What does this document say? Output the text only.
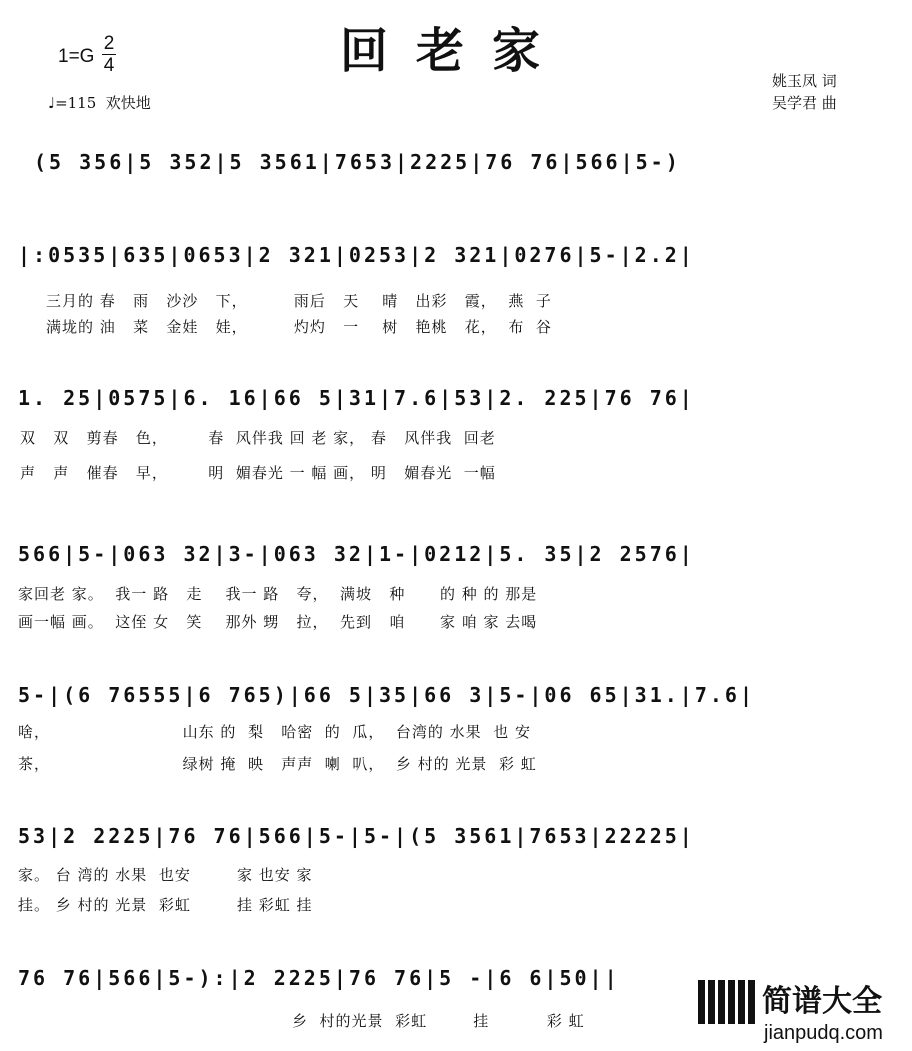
回老家
1=G
2
4
♩=115  欢快地
姚玉凤 词
吴学君 曲
(5 356|5 352|5 3561|7653|2225|76 76|566|5-)
|:0535|635|0653|2 321|0253|2 321|0276|5-|2.2|
三月的 春   雨   沙沙   下，        雨后   天    晴   出彩   霞，  燕  子
满垅的 油   菜   金娃   娃，        灼灼   一    树   艳桃   花，  布  谷
1. 25|0575|6. 16|66 5|31|7.6|53|2. 225|76 76|
双   双   剪春   色，       春  风伴我 回 老 家， 春   风伴我  回老
声   声   催春   早，       明  媚春光 一 幅 画， 明   媚春光  一幅
566|5-|063 32|3-|063 32|1-|0212|5. 35|2 2576|
家回老 家。  我一 路   走    我一 路   夸，  满坡   种      的 种 的 那是
画一幅 画。  这侄 女   笑    那外 甥   拉，  先到   咱      家 咱 家 去喝
5-|(6 76555|6 765)|66 5|35|66 3|5-|06 65|31.|7.6|
啥，                       山东 的  梨   哈密  的  瓜，  台湾的 水果  也 安
茶，                       绿树 掩  映   声声  喇  叭，  乡 村的 光景  彩 虹
53|2 2225|76 76|566|5-|5-|(5 3561|7653|22225|
家。 台 湾的 水果  也安        家 也安 家
挂。 乡 村的 光景  彩虹        挂 彩虹 挂
76 76|566|5-):|2 2225|76 76|5 -|6 6|50||
乡  村的光景  彩虹        挂          彩 虹
简谱大全
jianpudq.com
